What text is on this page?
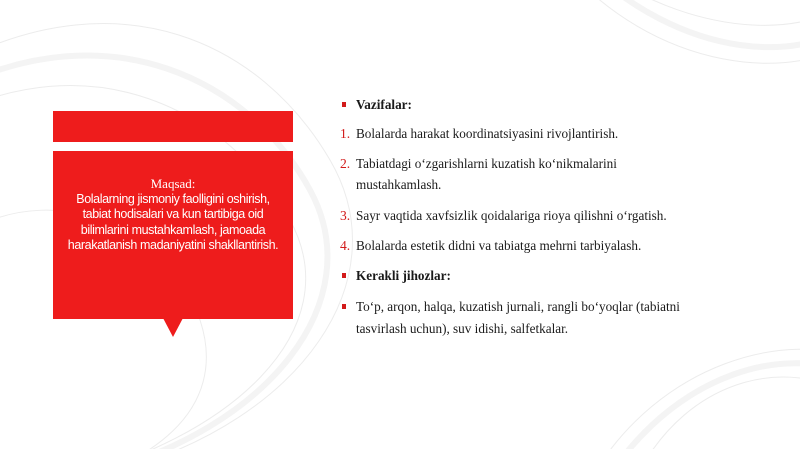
Maqsad:
Bolalarning jismoniy faolligini oshirish, tabiat hodisalari va kun tartibiga oid bilimlarini mustahkamlash, jamoada harakatlanish madaniyatini shakllantirish.
Vazifalar:
1. Bolalarda harakat koordinatsiyasini rivojlantirish.
2. Tabiatdagi o‘zgarishlarni kuzatish ko‘nikmalarini
mustahkamlash.
3. Sayr vaqtida xavfsizlik qoidalariga rioya qilishni o‘rgatish.
4. Bolalarda estetik didni va tabiatga mehrni tarbiyalash.
Kerakli jihozlar:
To‘p, arqon, halqa, kuzatish jurnali, rangli bo‘yoqlar (tabiatni
tasvirlash uchun), suv idishi, salfetkalar.
